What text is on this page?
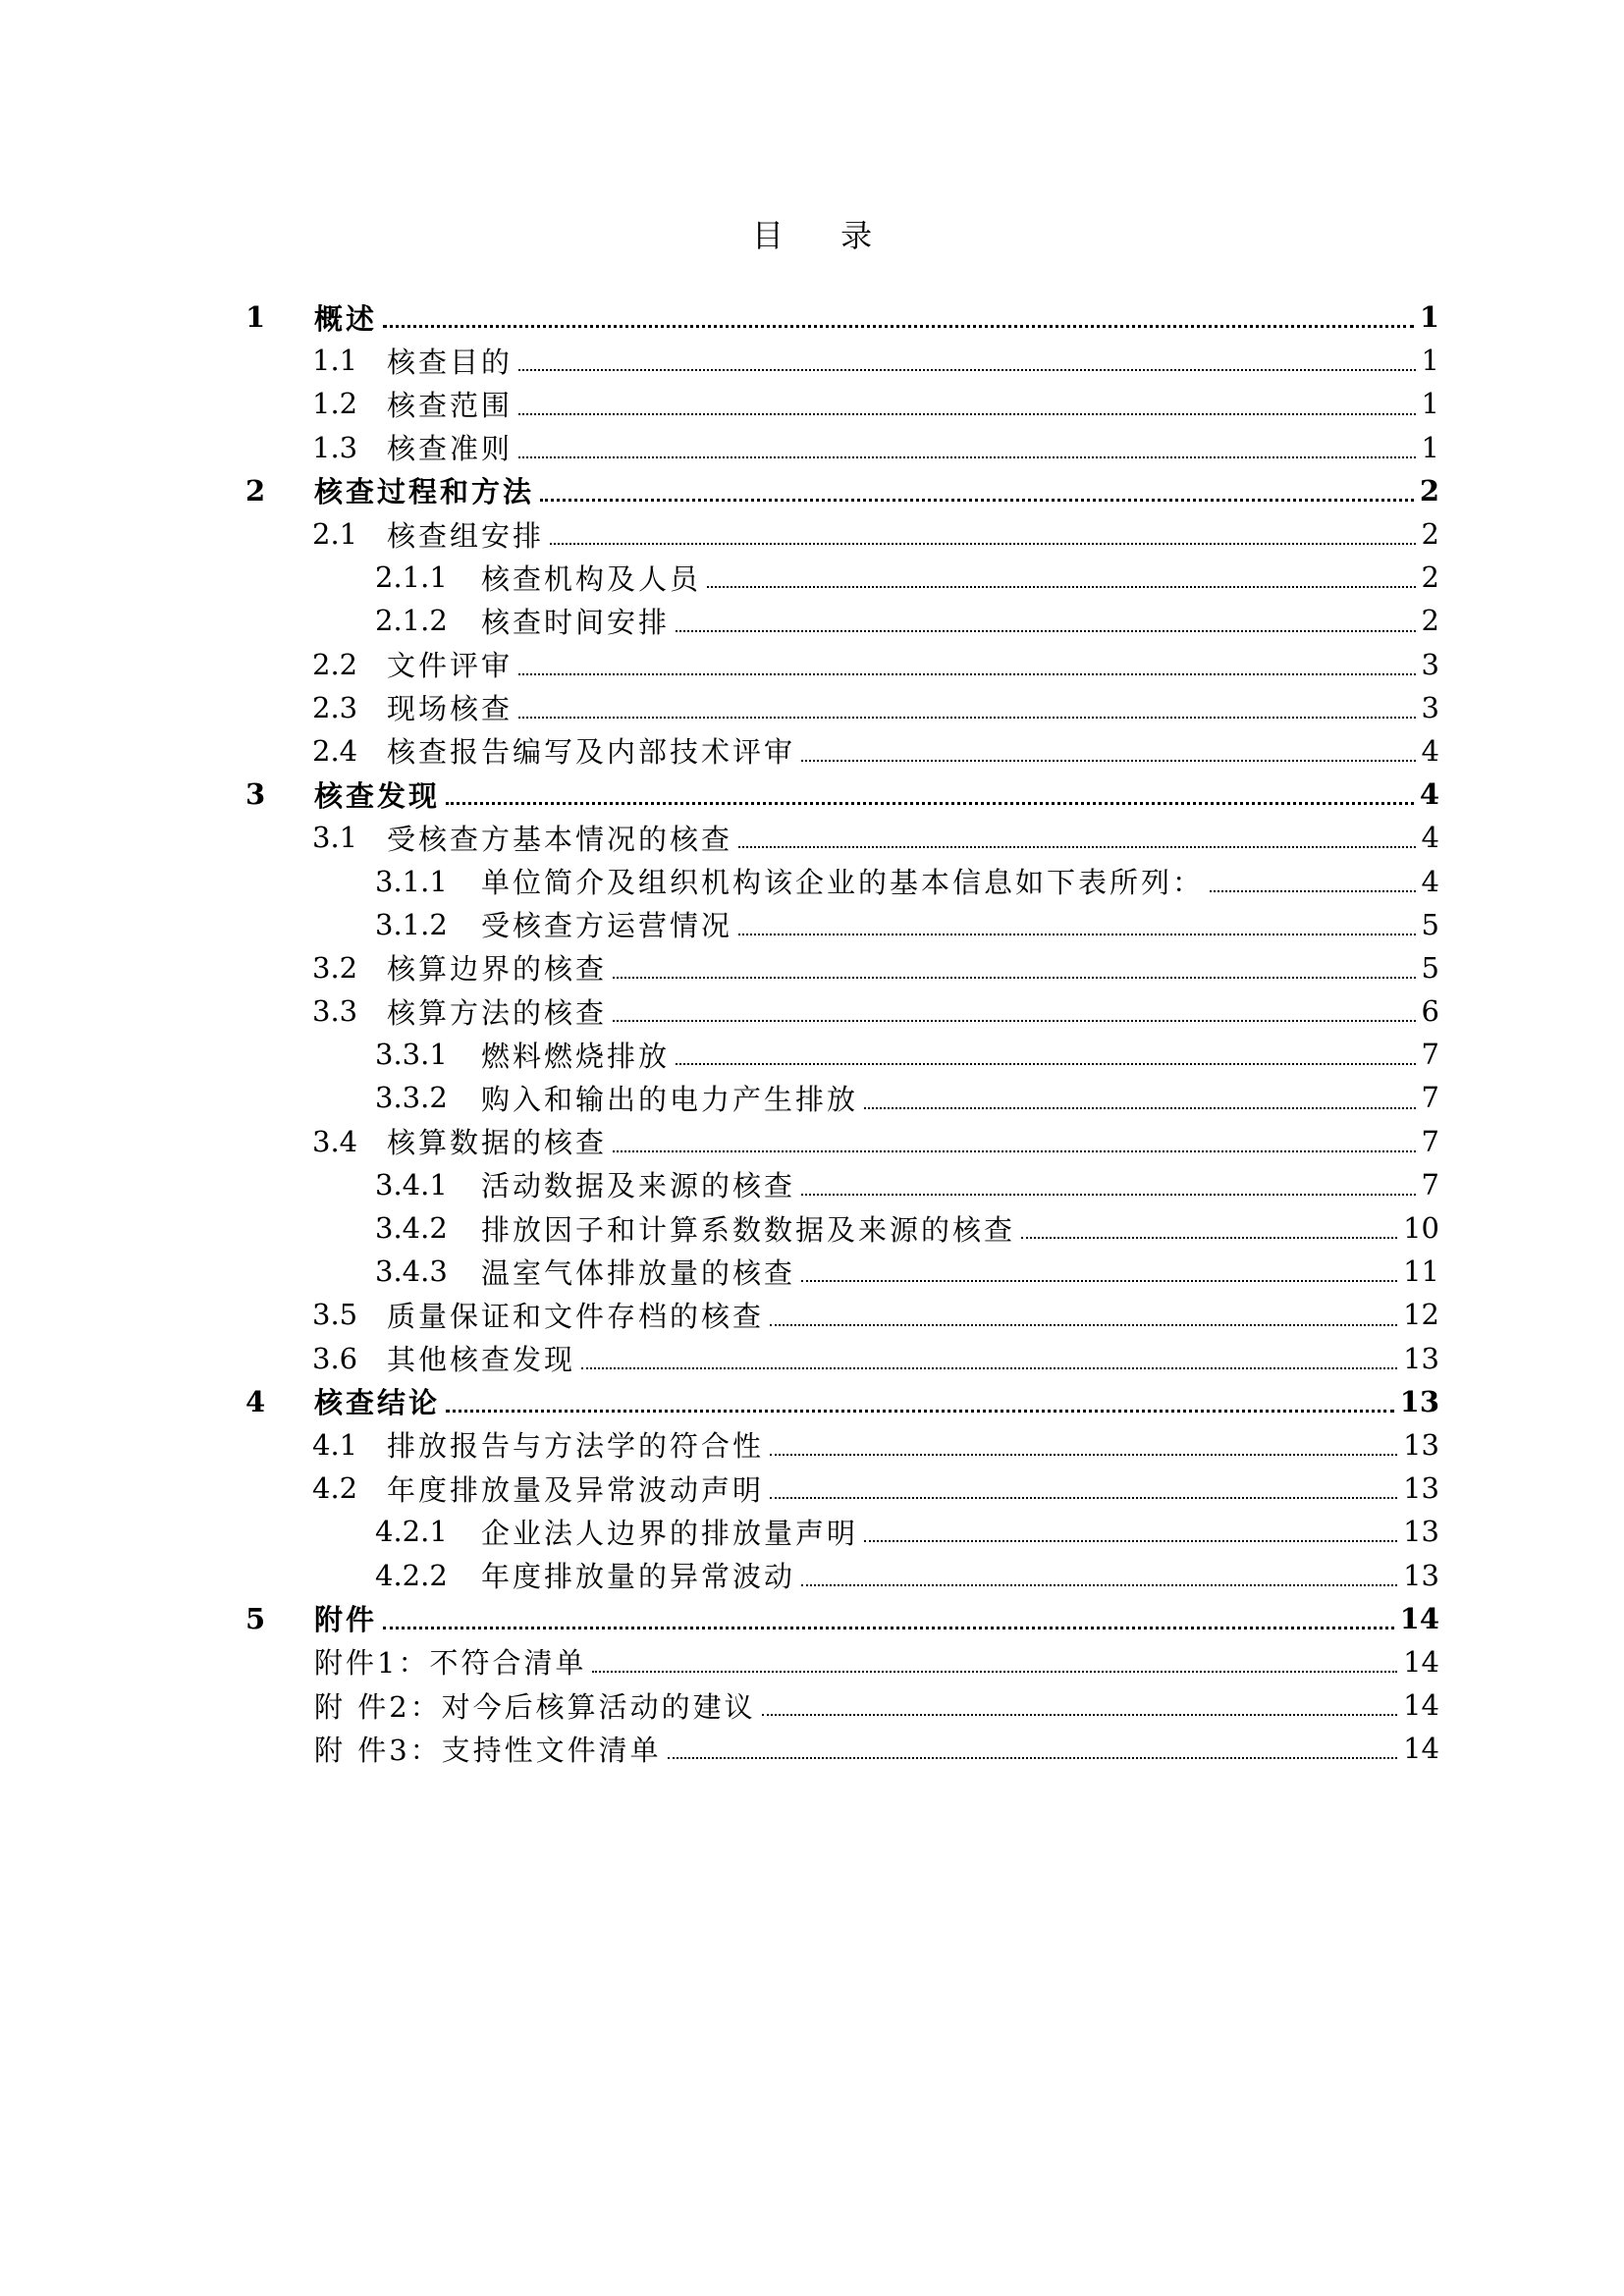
目 录
1	概述	1
1.1	核查目的	1
1.2	核查范围	1
1.3	核查准则	1
2	核查过程和方法	2
2.1	核查组安排	2
2.1.1	核查机构及人员	2
2.1.2	核查时间安排	2
2.2	文件评审	3
2.3	现场核查	3
2.4	核查报告编写及内部技术评审	4
3	核查发现	4
3.1	受核查方基本情况的核查	4
3.1.1	单位简介及组织机构该企业的基本信息如下表所列：	4
3.1.2	受核查方运营情况	5
3.2	核算边界的核查	5
3.3	核算方法的核查	6
3.3.1	燃料燃烧排放	7
3.3.2	购入和输出的电力产生排放	7
3.4	核算数据的核查	7
3.4.1	活动数据及来源的核查	7
3.4.2	排放因子和计算系数数据及来源的核查	10
3.4.3	温室气体排放量的核查	11
3.5	质量保证和文件存档的核查	12
3.6	其他核查发现	13
4	核查结论	13
4.1	排放报告与方法学的符合性	13
4.2	年度排放量及异常波动声明	13
4.2.1	企业法人边界的排放量声明	13
4.2.2	年度排放量的异常波动	13
5	附件	14
附件1：不符合清单	14
附 件2：对今后核算活动的建议	14
附 件3：支持性文件清单	14
